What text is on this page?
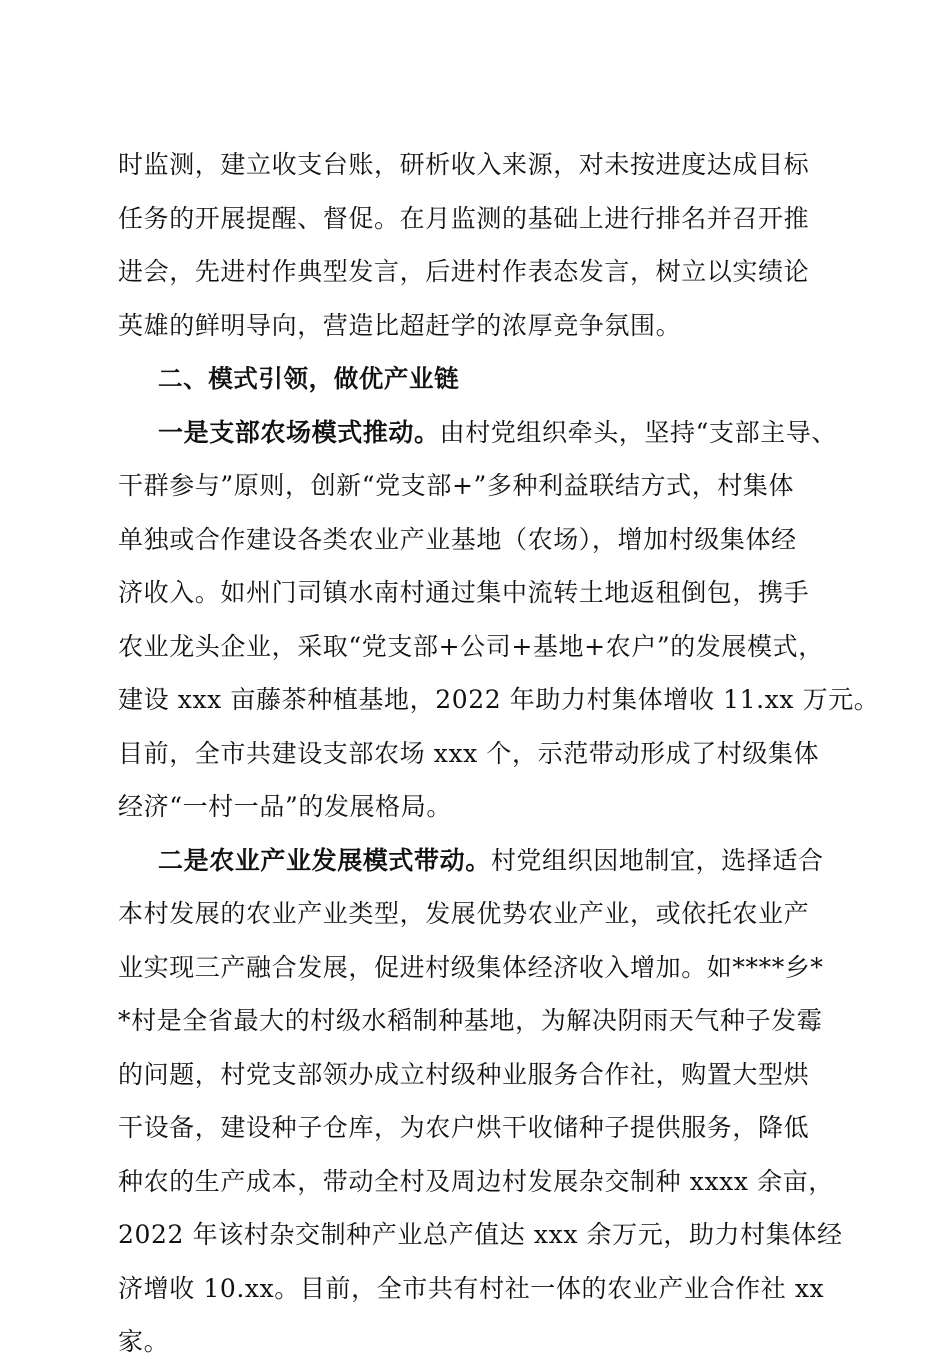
时监测，建立收支台账，研析收入来源，对未按进度达成目标
任务的开展提醒、督促。在月监测的基础上进行排名并召开推
进会，先进村作典型发言，后进村作表态发言，树立以实绩论
英雄的鲜明导向，营造比超赶学的浓厚竞争氛围。
二、模式引领，做优产业链
一是支部农场模式推动。由村党组织牵头，坚持“支部主导、
干群参与”原则，创新“党支部+”多种利益联结方式，村集体
单独或合作建设各类农业产业基地（农场），增加村级集体经
济收入。如州门司镇水南村通过集中流转土地返租倒包，携手
农业龙头企业，采取“党支部+公司+基地+农户”的发展模式，
建设 xxx 亩藤茶种植基地，2022 年助力村集体增收 11.xx 万元。
目前，全市共建设支部农场 xxx 个，示范带动形成了村级集体
经济“一村一品”的发展格局。
二是农业产业发展模式带动。村党组织因地制宜，选择适合
本村发展的农业产业类型，发展优势农业产业，或依托农业产
业实现三产融合发展，促进村级集体经济收入增加。如****乡*
*村是全省最大的村级水稻制种基地，为解决阴雨天气种子发霉
的问题，村党支部领办成立村级种业服务合作社，购置大型烘
干设备，建设种子仓库，为农户烘干收储种子提供服务，降低
种农的生产成本，带动全村及周边村发展杂交制种 xxxx 余亩，
2022 年该村杂交制种产业总产值达 xxx 余万元，助力村集体经
济增收 10.xx。目前，全市共有村社一体的农业产业合作社 xx
家。
